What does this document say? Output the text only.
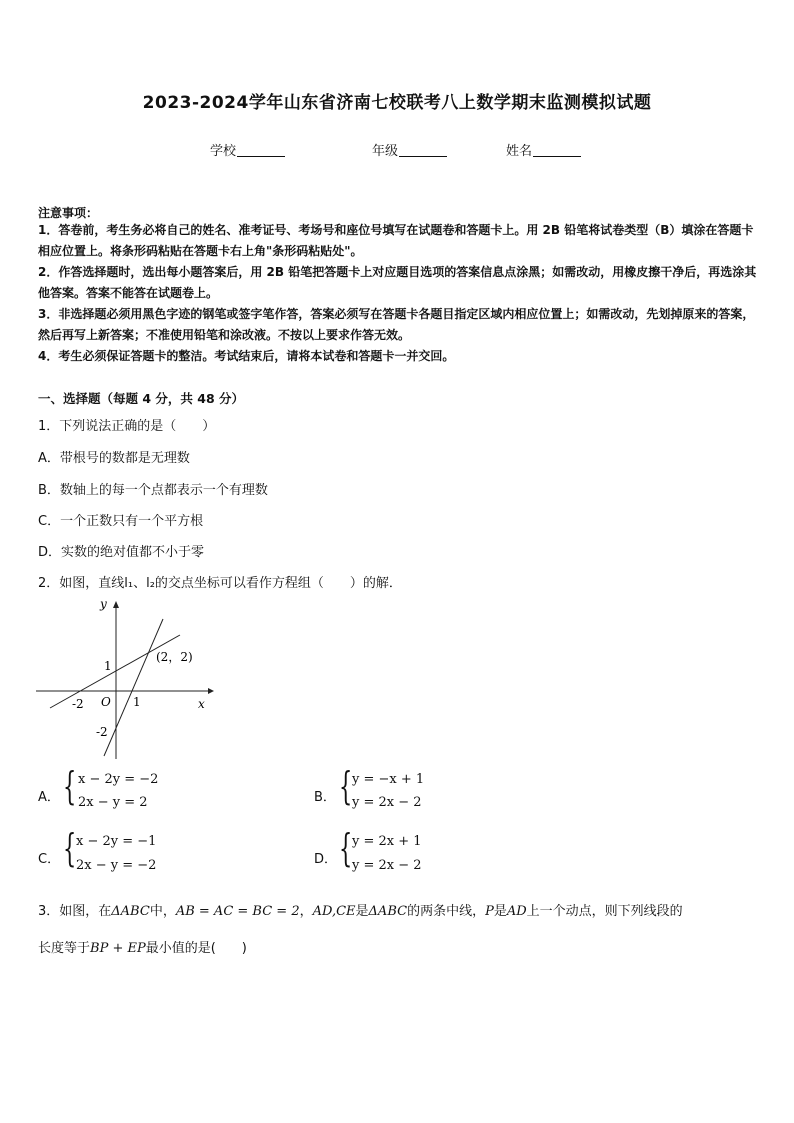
2023-2024学年山东省济南七校联考八上数学期末监测模拟试题
学校	年级	姓名
注意事项：
1．答卷前，考生务必将自己的姓名、准考证号、考场号和座位号填写在试题卷和答题卡上。用 2B 铅笔将试卷类型（B）填涂在答题卡相应位置上。将条形码粘贴在答题卡右上角"条形码粘贴处"。
2．作答选择题时，选出每小题答案后，用 2B 铅笔把答题卡上对应题目选项的答案信息点涂黑；如需改动，用橡皮擦干净后，再选涂其他答案。答案不能答在试题卷上。
3．非选择题必须用黑色字迹的钢笔或签字笔作答，答案必须写在答题卡各题目指定区域内相应位置上；如需改动，先划掉原来的答案，然后再写上新答案；不准使用铅笔和涂改液。不按以上要求作答无效。
4．考生必须保证答题卡的整洁。考试结束后，请将本试卷和答题卡一并交回。
一、选择题（每题 4 分，共 48 分）
1．下列说法正确的是（　　）
A．带根号的数都是无理数
B．数轴上的每一个点都表示一个有理数
C．一个正数只有一个平方根
D．实数的绝对值都不小于零
2．如图，直线l₁、l₂的交点坐标可以看作方程组（　　）的解．
y
x
O
1
1
-2
-2
(2，2)
A． { x − 2y = −2
2x − y = 2	B． { y = −x + 1
y = 2x − 2
C． { x − 2y = −1
2x − y = −2	D． { y = 2x + 1
y = 2x − 2
3．如图，在ΔABC中，AB = AC = BC = 2，AD,CE是ΔABC的两条中线，P是AD上一个动点，则下列线段的
长度等于BP + EP最小值的是(　　)
